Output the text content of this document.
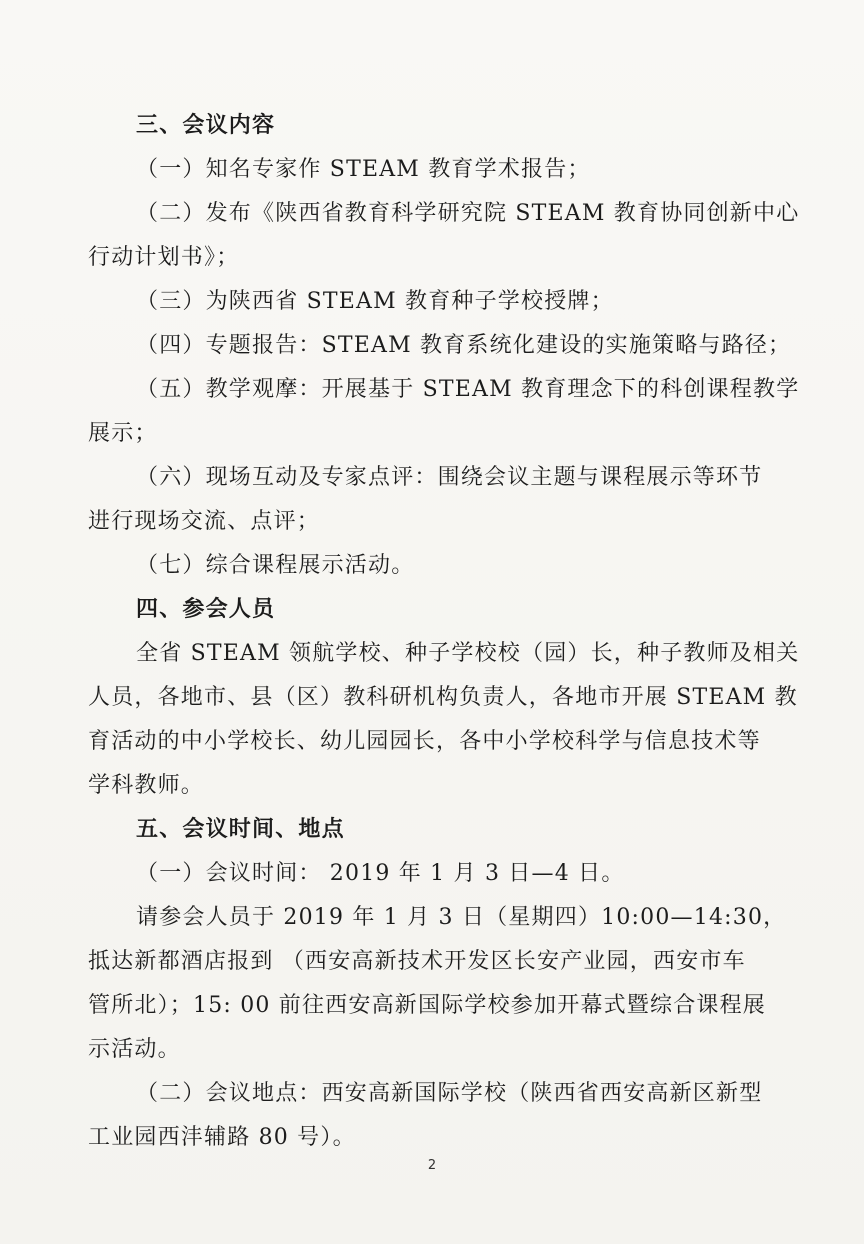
三、会议内容
（一）知名专家作 STEAM 教育学术报告；
（二）发布《陕西省教育科学研究院 STEAM 教育协同创新中心
行动计划书》；
（三）为陕西省 STEAM 教育种子学校授牌；
（四）专题报告：STEAM 教育系统化建设的实施策略与路径；
（五）教学观摩：开展基于 STEAM 教育理念下的科创课程教学
展示；
（六）现场互动及专家点评：围绕会议主题与课程展示等环节
进行现场交流、点评；
（七）综合课程展示活动。
四、参会人员
全省 STEAM 领航学校、种子学校校（园）长，种子教师及相关
人员，各地市、县（区）教科研机构负责人，各地市开展 STEAM 教
育活动的中小学校长、幼儿园园长，各中小学校科学与信息技术等
学科教师。
五、会议时间、地点
（一）会议时间： 2019 年 1 月 3 日—4 日。
请参会人员于 2019 年 1 月 3 日（星期四）10:00—14:30，
抵达新都酒店报到 （西安高新技术开发区长安产业园，西安市车
管所北）；15: 00 前往西安高新国际学校参加开幕式暨综合课程展
示活动。
（二）会议地点：西安高新国际学校（陕西省西安高新区新型
工业园西沣辅路 80 号）。
2
